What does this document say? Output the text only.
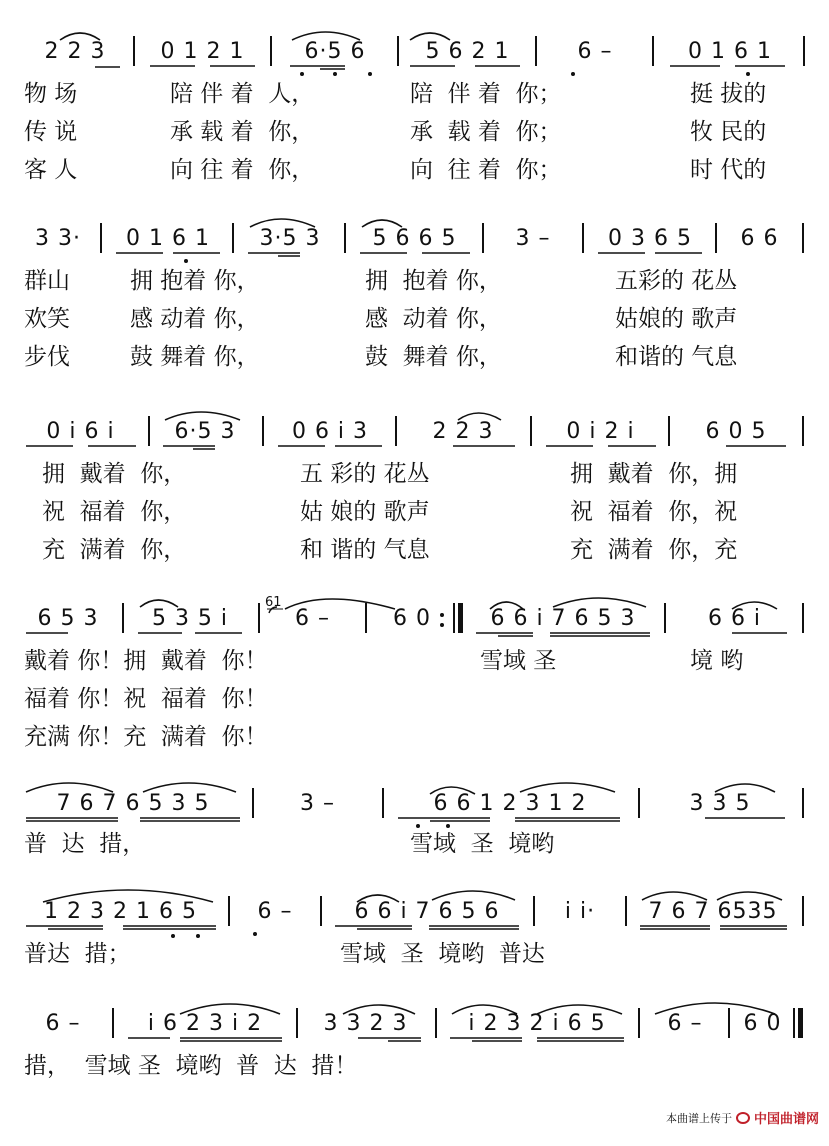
2 2 3	0 1 2 1	6·5 6	5 6 2 1	6 –	0 1 6 1

物 场	陪 伴 着  人，	陪  伴 着  你；	挺 拔的

传 说	承 载 着  你，	承  载 着  你；	牧 民的

客 人	向 往 着  你，	向  往 着  你；	时 代的

3 3·	0 1 6 1	3·5 3	5 6 6 5	3 –	0 3 6 5	6 6

群山	拥 抱着 你，	拥  抱着 你，	五彩的 花丛

欢笑	感 动着 你，	感  动着 你，	姑娘的 歌声

步伐	鼓 舞着 你，	鼓  舞着 你，	和谐的 气息

0 i 6 i	6·5 3	0 6 i 3	2 2 3	0 i 2 i	6 0 5

拥  戴着  你，	五 彩的 花丛	拥  戴着  你，拥

祝  福着  你，	姑 娘的 歌声	祝  福着  你，祝

充  满着  你，	和 谐的 气息	充  满着  你，充

6 5 3	5 3 5 i
61
6 –	6 0	6 6 i 7 6 5 3	6 6 i

戴着 你！拥  戴着  你！	雪域 圣	境 哟

福着 你！祝  福着  你！

充满 你！充  满着  你！

7 6 7 6 5 3 5	3 –	6 6 1 2 3 1 2	3 3 5

普  达  措，	雪域  圣  境哟

1 2 3 2 1 6 5	6 –	6 6 i 7 6 5 6	i i·	7 6 7 6535

普达  措；	雪域  圣  境哟  普达

6 –	i 6 2 3 i 2	3 3 2 3	i 2 3 2 i 6 5	6 –	6 0

措，  雪域 圣  境哟  普  达  措！

本曲谱上传于 中国曲谱网
